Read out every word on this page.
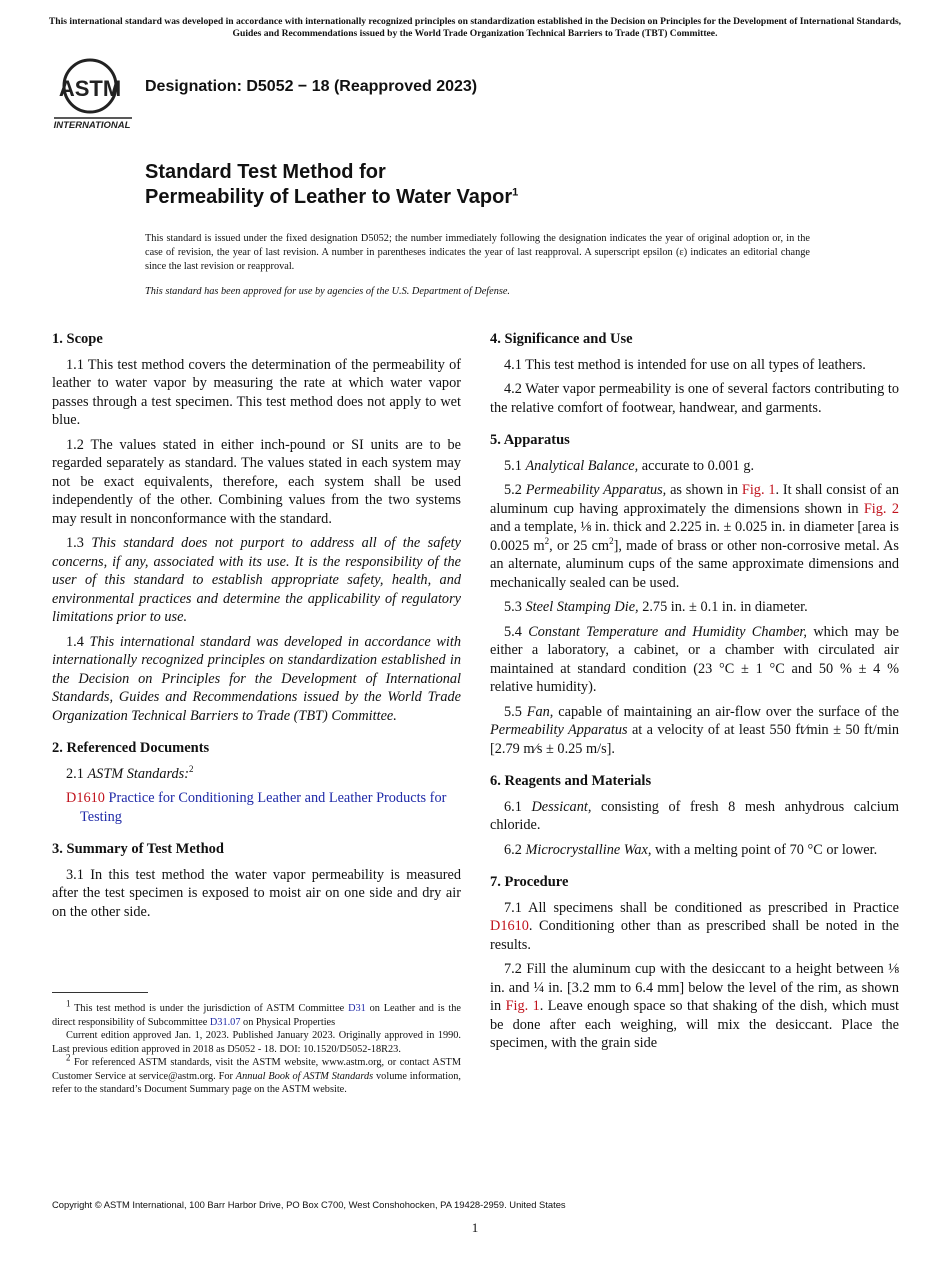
This international standard was developed in accordance with internationally recognized principles on standardization established in the Decision on Principles for the Development of International Standards, Guides and Recommendations issued by the World Trade Organization Technical Barriers to Trade (TBT) Committee.
ASTM
INTERNATIONAL
Designation: D5052 − 18 (Reapproved 2023)
Standard Test Method for
Permeability of Leather to Water Vapor$^1$
This standard is issued under the fixed designation D5052; the number immediately following the designation indicates the year of original adoption or, in the case of revision, the year of last revision. A number in parentheses indicates the year of last reapproval. A superscript epsilon (ε) indicates an editorial change since the last revision or reapproval.
This standard has been approved for use by agencies of the U.S. Department of Defense.
1. Scope

1.1 This test method covers the determination of the permeability of leather to water vapor by measuring the rate at which water vapor passes through a test specimen. This test method does not apply to wet blue.

1.2 The values stated in either inch-pound or SI units are to be regarded separately as standard. The values stated in each system may not be exact equivalents, therefore, each system shall be used independently of the other. Combining values from the two systems may result in nonconformance with the standard.

1.3 This standard does not purport to address all of the safety concerns, if any, associated with its use. It is the responsibility of the user of this standard to establish appropriate safety, health, and environmental practices and determine the applicability of regulatory limitations prior to use.

1.4 This international standard was developed in accordance with internationally recognized principles on standardization established in the Decision on Principles for the Development of International Standards, Guides and Recommendations issued by the World Trade Organization Technical Barriers to Trade (TBT) Committee.

2. Referenced Documents

2.1 ASTM Standards:$^2$

D1610 Practice for Conditioning Leather and Leather Products for Testing
3. Summary of Test Method

3.1 In this test method the water vapor permeability is measured after the test specimen is exposed to moist air on one side and dry air on the other side.

4. Significance and Use

4.1 This test method is intended for use on all types of leathers.

4.2 Water vapor permeability is one of several factors contributing to the relative comfort of footwear, handwear, and garments.

5. Apparatus

5.1 Analytical Balance, accurate to 0.001 g.

5.2 Permeability Apparatus, as shown in Fig. 1. It shall consist of an aluminum cup having approximately the dimensions shown in Fig. 2 and a template, ⅛ in. thick and 2.225 in. ± 0.025 in. in diameter [area is 0.0025 $m^2$, or 25 $cm^2$], made of brass or other non-corrosive metal. As an alternate, aluminum cups of the same approximate dimensions and mechanically sealed can be used.

5.3 Steel Stamping Die, 2.75 in. ± 0.1 in. in diameter.

5.4 Constant Temperature and Humidity Chamber, which may be either a laboratory, a cabinet, or a chamber with circulated air maintained at standard condition (23 °C ± 1 °C and 50 % ± 4 % relative humidity).

5.5 Fan, capable of maintaining an air-flow over the surface of the Permeability Apparatus at a velocity of at least 550 ft⁄min ± 50 ft/min [2.79 m⁄s ± 0.25 m/s].

6. Reagents and Materials

6.1 Dessicant, consisting of fresh 8 mesh anhydrous calcium chloride.

6.2 Microcrystalline Wax, with a melting point of 70 °C or lower.

7. Procedure

7.1 All specimens shall be conditioned as prescribed in Practice D1610. Conditioning other than as prescribed shall be noted in the results.

7.2 Fill the aluminum cup with the desiccant to a height between ⅛ in. and ¼ in. [3.2 mm to 6.4 mm] below the level of the rim, as shown in Fig. 1. Leave enough space so that shaking of the dish, which must be done after each weighing, will mix the desiccant. Place the specimen, with the grain side

$^1$ This test method is under the jurisdiction of ASTM Committee D31 on Leather and is the direct responsibility of Subcommittee D31.07 on Physical Properties

Current edition approved Jan. 1, 2023. Published January 2023. Originally approved in 1990. Last previous edition approved in 2018 as D5052 - 18. DOI: 10.1520/D5052-18R23.

$^2$ For referenced ASTM standards, visit the ASTM website, www.astm.org, or contact ASTM Customer Service at service@astm.org. For Annual Book of ASTM Standards volume information, refer to the standard’s Document Summary page on the ASTM website.

Copyright © ASTM International, 100 Barr Harbor Drive, PO Box C700, West Conshohocken, PA 19428-2959. United States
1
